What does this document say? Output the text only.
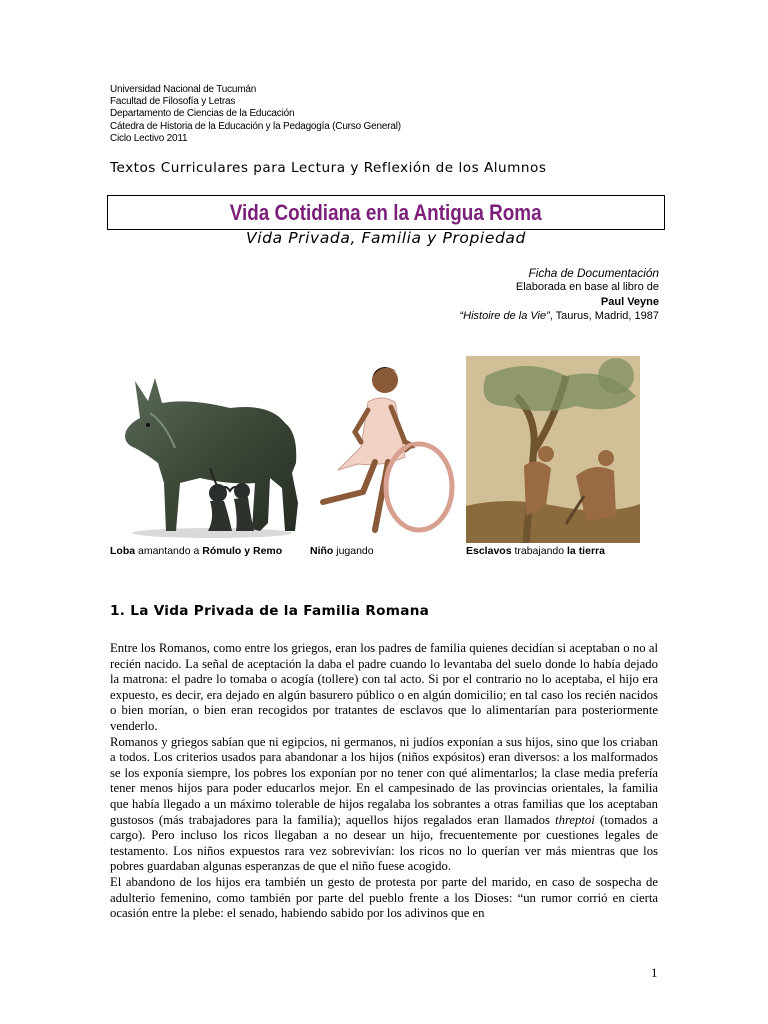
Universidad Nacional de Tucumán
Facultad de Filosofía y Letras
Departamento de Ciencias de la Educación
Cátedra de Historia de la Educación y la Pedagogía (Curso General)
Ciclo Lectivo 2011
Textos Curriculares para Lectura y Reflexión de los Alumnos
Vida Cotidiana en la Antigua Roma
Vida Privada, Familia y Propiedad
Ficha de Documentación
Elaborada en base al libro de
Paul Veyne
“Histoire de la Vie”, Taurus, Madrid, 1987
Loba amantando a Rómulo y Remo	Niño jugando	Esclavos trabajando la tierra
1. La Vida Privada de la Familia Romana

Entre los Romanos, como entre los griegos, eran los padres de familia quienes decidían si aceptaban o no al recién nacido. La señal de aceptación la daba el padre cuando lo levantaba del suelo donde lo había dejado la matrona: el padre lo tomaba o acogía (tollere) con tal acto. Si por el contrario no lo aceptaba, el hijo era expuesto, es decir, era dejado en algún basurero público o en algún domicilio; en tal caso los recién nacidos o bien morían, o bien eran recogidos por tratantes de esclavos que lo alimentarían para posteriormente venderlo.

Romanos y griegos sabían que ni egipcios, ni germanos, ni judíos exponían a sus hijos, sino que los criaban a todos. Los criterios usados para abandonar a los hijos (niños expósitos) eran diversos: a los malformados se los exponía siempre, los pobres los exponían por no tener con qué alimentarlos; la clase media prefería tener menos hijos para poder educarlos mejor. En el campesinado de las provincias orientales, la familia que había llegado a un máximo tolerable de hijos regalaba los sobrantes a otras familias que los aceptaban gustosos (más trabajadores para la familia); aquellos hijos regalados eran llamados threptoi (tomados a cargo). Pero incluso los ricos llegaban a no desear un hijo, frecuentemente por cuestiones legales de testamento. Los niños expuestos rara vez sobrevivían: los ricos no lo querían ver más mientras que los pobres guardaban algunas esperanzas de que el niño fuese acogido.

El abandono de los hijos era también un gesto de protesta por parte del marido, en caso de sospecha de adulterio femenino, como también por parte del pueblo frente a los Dioses: “un rumor corrió en cierta ocasión entre la plebe: el senado, habiendo sabido por los adivinos que en

1
